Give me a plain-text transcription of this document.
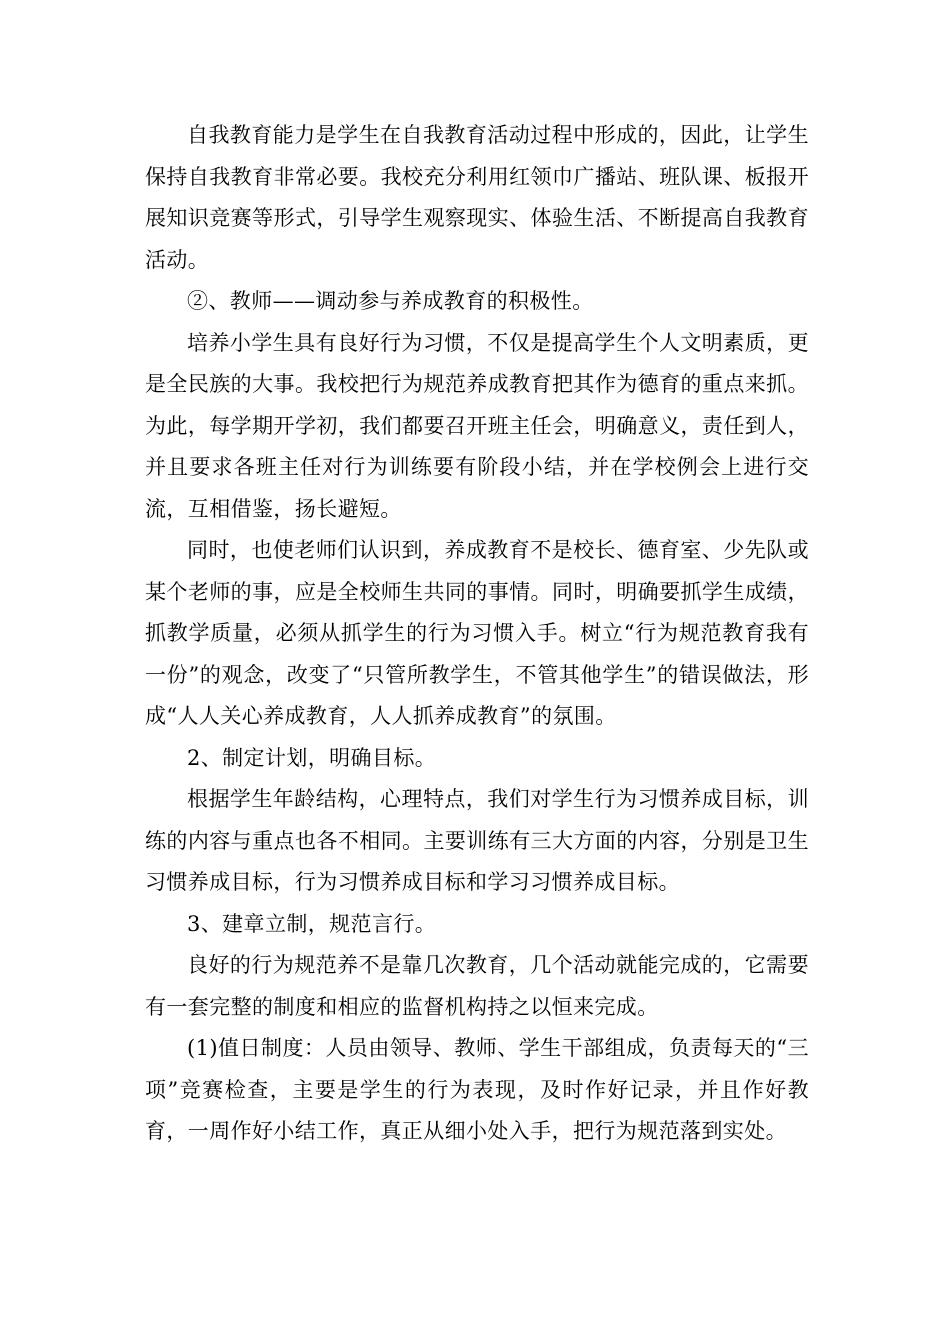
自我教育能力是学生在自我教育活动过程中形成的，因此，让学生保持自我教育非常必要。我校充分利用红领巾广播站、班队课、板报开展知识竞赛等形式，引导学生观察现实、体验生活、不断提高自我教育活动。

②、教师——调动参与养成教育的积极性。

培养小学生具有良好行为习惯，不仅是提高学生个人文明素质，更是全民族的大事。我校把行为规范养成教育把其作为德育的重点来抓。为此，每学期开学初，我们都要召开班主任会，明确意义，责任到人，并且要求各班主任对行为训练要有阶段小结，并在学校例会上进行交流，互相借鉴，扬长避短。

同时，也使老师们认识到，养成教育不是校长、德育室、少先队或某个老师的事，应是全校师生共同的事情。同时，明确要抓学生成绩，抓教学质量，必须从抓学生的行为习惯入手。树立“行为规范教育我有一份”的观念，改变了“只管所教学生，不管其他学生”的错误做法，形成“人人关心养成教育，人人抓养成教育”的氛围。

2、制定计划，明确目标。

根据学生年龄结构，心理特点，我们对学生行为习惯养成目标，训练的内容与重点也各不相同。主要训练有三大方面的内容，分别是卫生习惯养成目标，行为习惯养成目标和学习习惯养成目标。

3、建章立制，规范言行。

良好的行为规范养不是靠几次教育，几个活动就能完成的，它需要有一套完整的制度和相应的监督机构持之以恒来完成。

(1)值日制度：人员由领导、教师、学生干部组成，负责每天的“三项”竞赛检查，主要是学生的行为表现，及时作好记录，并且作好教育，一周作好小结工作，真正从细小处入手，把行为规范落到实处。
